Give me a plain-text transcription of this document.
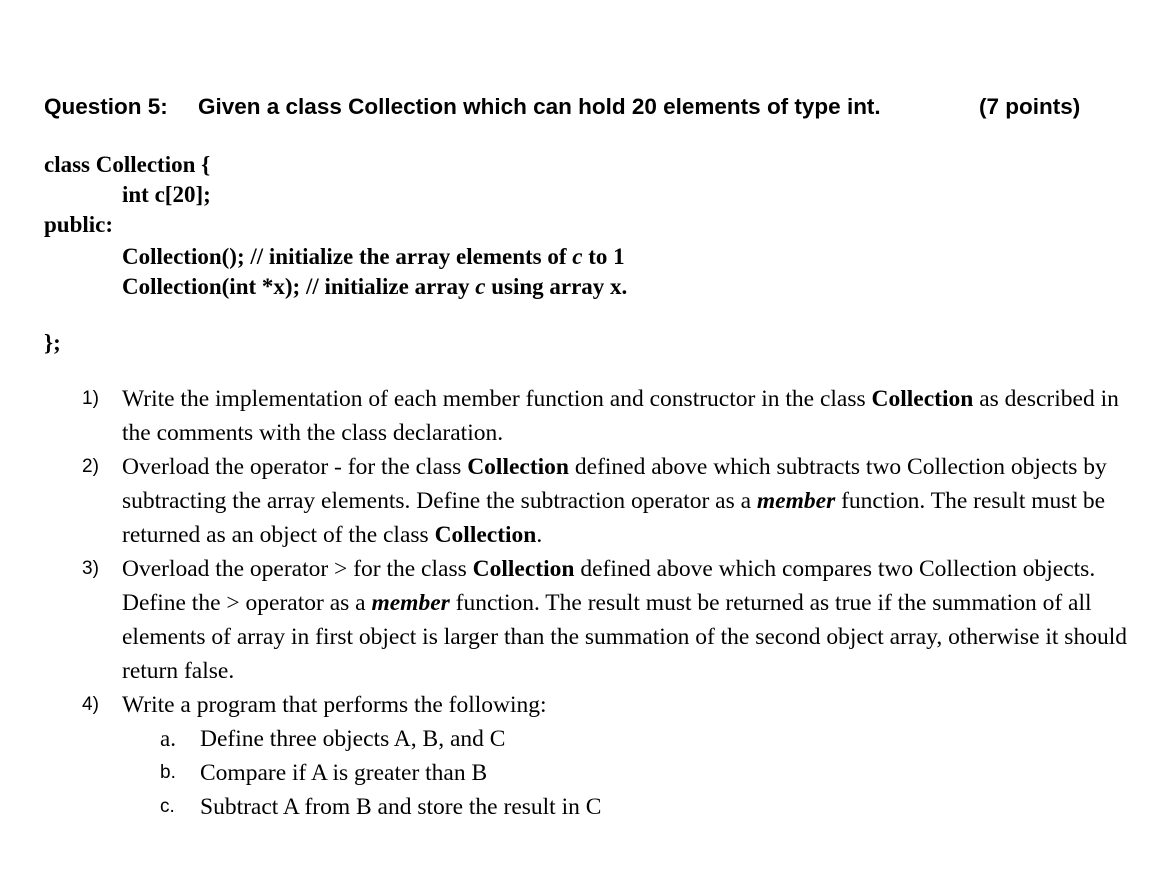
Question 5: Given a class Collection which can hold 20 elements of type int.	(7 points)
class Collection {
int c[20];
public:
Collection(); // initialize the array elements of c to 1
Collection(int *x); // initialize array c using array x.
};
1) Write the implementation of each member function and constructor in the class Collection as described in the comments with the class declaration.
2) Overload the operator - for the class Collection defined above which subtracts two Collection objects by subtracting the array elements. Define the subtraction operator as a member function. The result must be returned as an object of the class Collection.
3) Overload the operator > for the class Collection defined above which compares two Collection objects. Define the > operator as a member function. The result must be returned as true if the summation of all elements of array in first object is larger than the summation of the second object array, otherwise it should return false.
4) Write a program that performs the following:
a. Define three objects A, B, and C
b. Compare if A is greater than B
c. Subtract A from B and store the result in C
